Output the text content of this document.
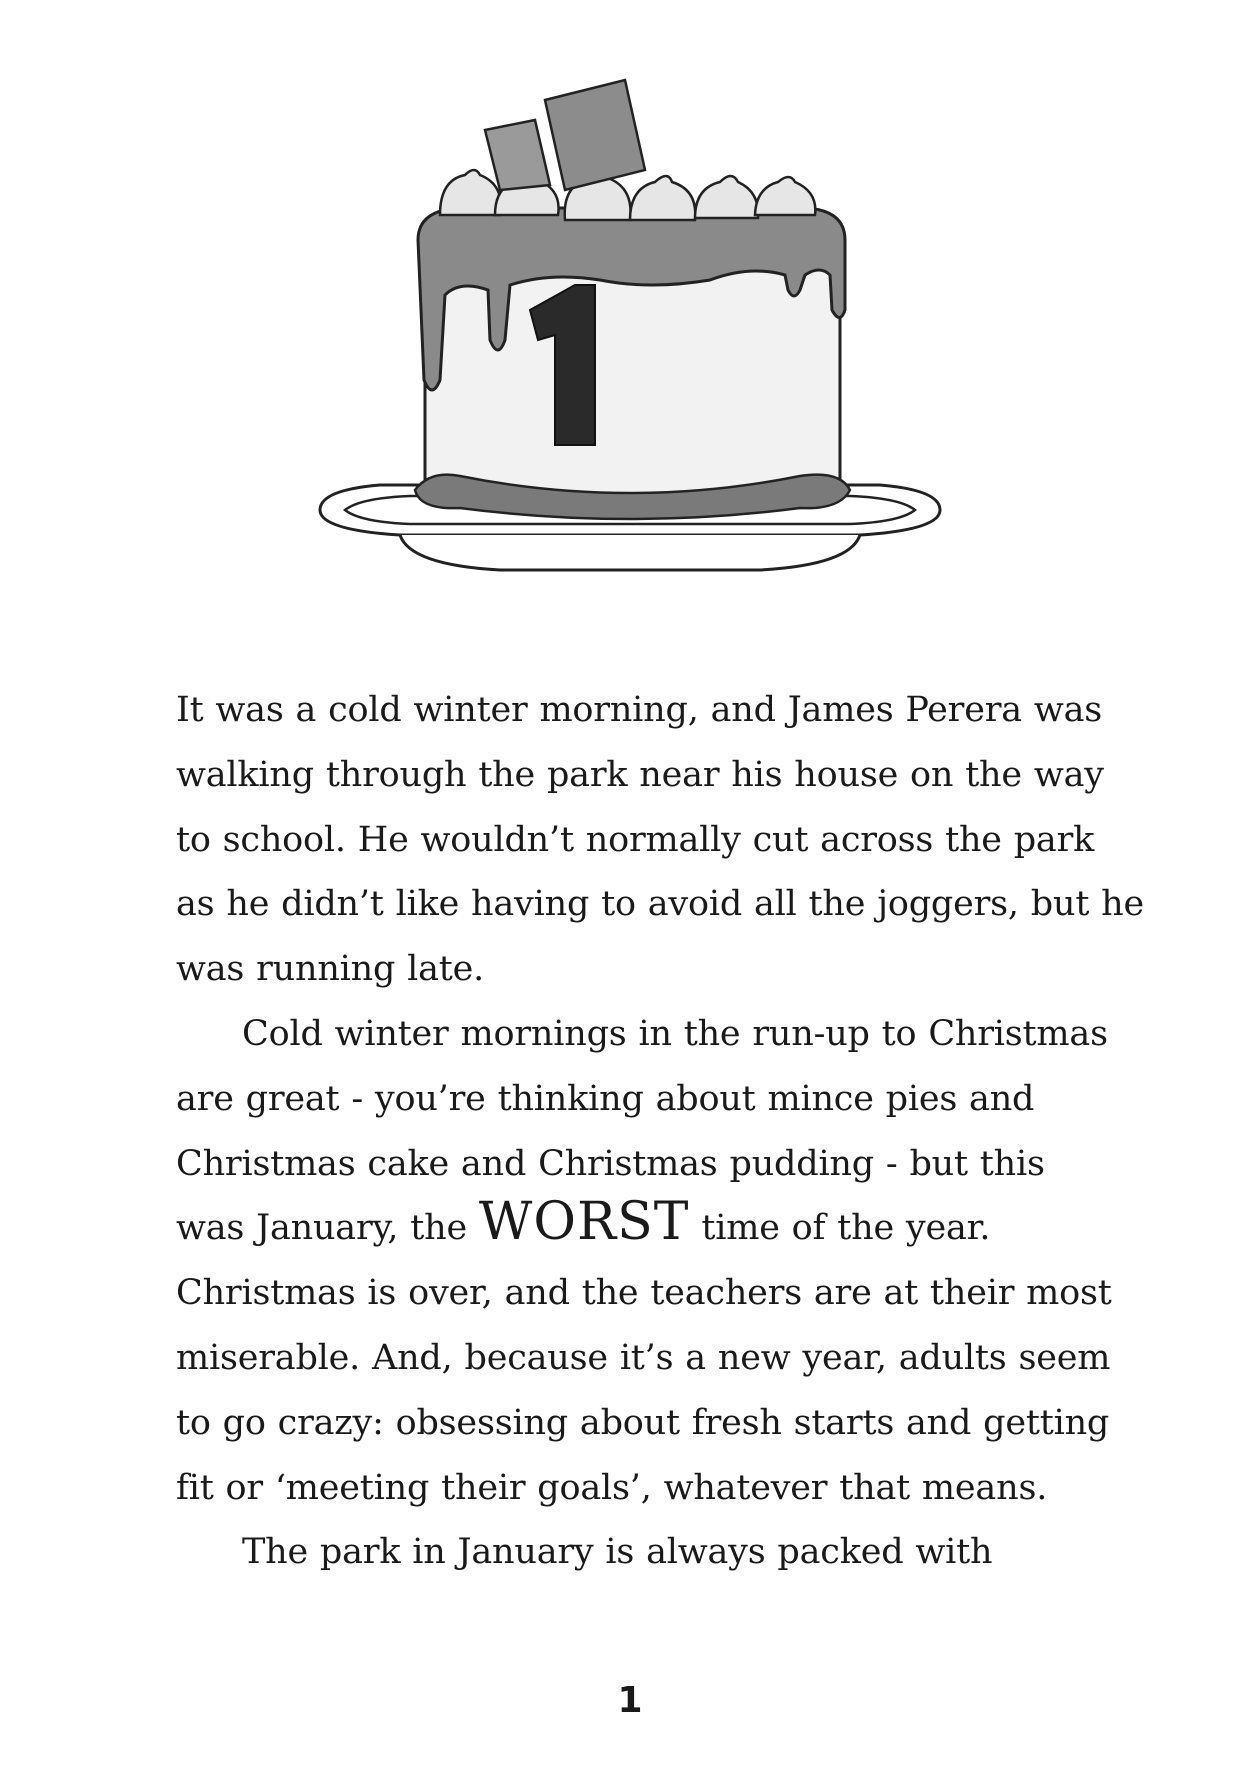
It was a cold winter morning, and James Perera was
walking through the park near his house on the way
to school. He wouldn’t normally cut across the park
as he didn’t like having to avoid all the joggers, but he
was running late.

Cold winter mornings in the run-up to Christmas
are great - you’re thinking about mince pies and
Christmas cake and Christmas pudding - but this
was January, the WORST time of the year.
Christmas is over, and the teachers are at their most
miserable. And, because it’s a new year, adults seem
to go crazy: obsessing about fresh starts and getting
fit or ‘meeting their goals’, whatever that means.

The park in January is always packed with

1
